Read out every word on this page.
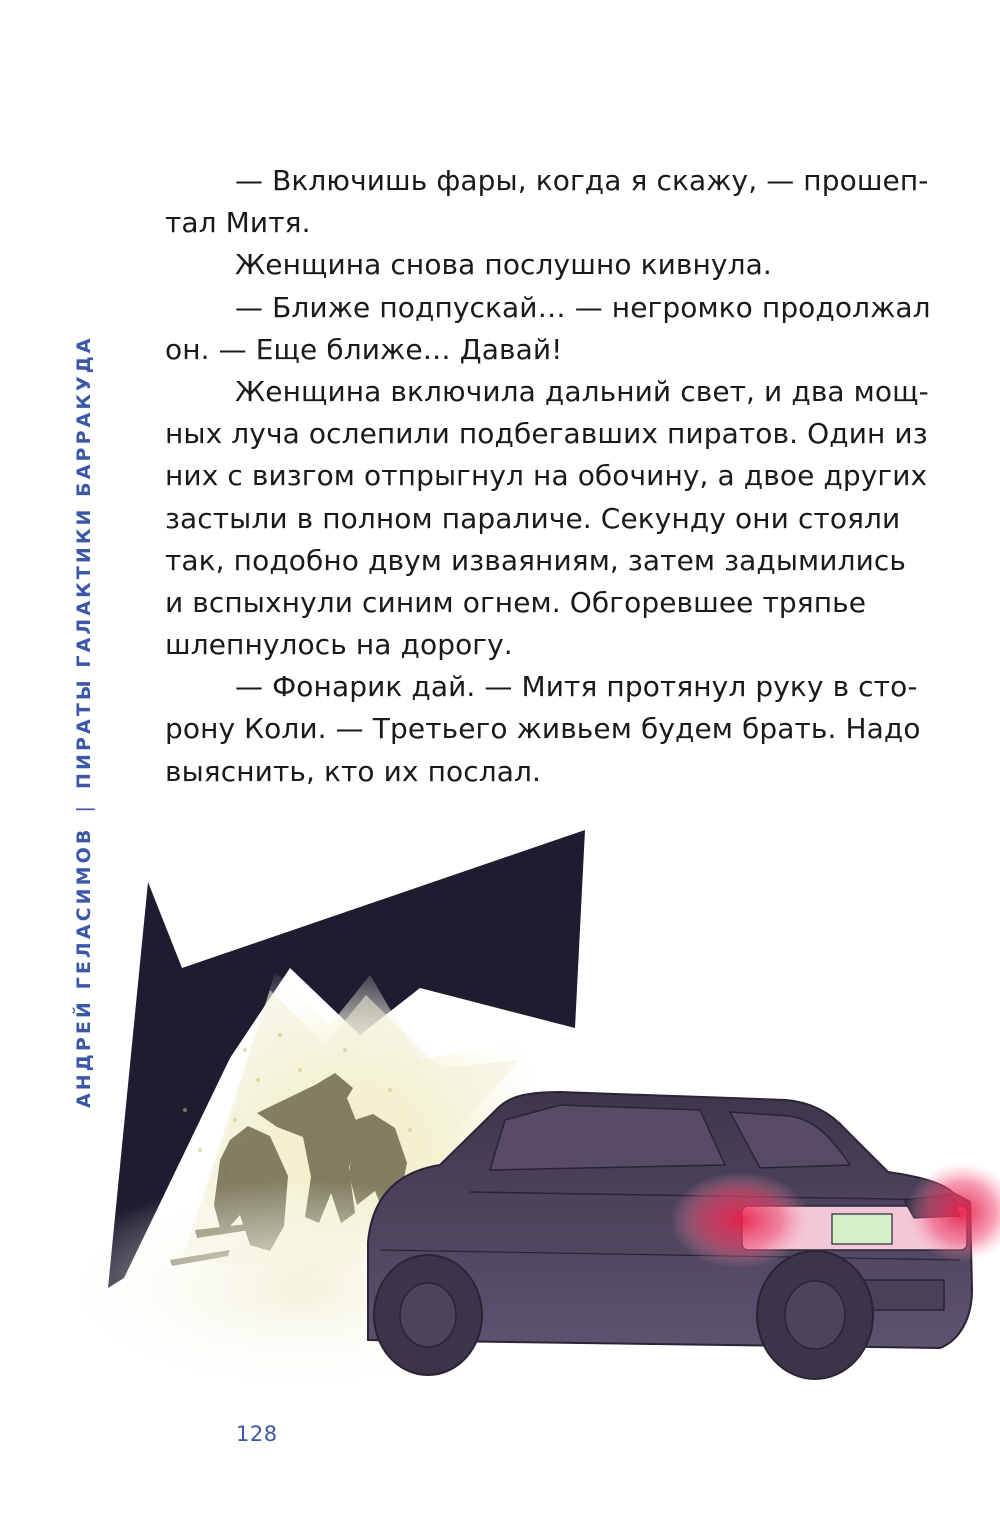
АНДРЕЙ ГЕЛАСИМОВ|ПИРАТЫ ГАЛАКТИКИ БАРРАКУДА
— Включишь фары, когда я скажу, — прошеп-
тал Митя.
Женщина снова послушно кивнула.
— Ближе подпускай… — негромко продолжал
он. — Еще ближе… Давай!
Женщина включила дальний свет, и два мощ-
ных луча ослепили подбегавших пиратов. Один из
них с визгом отпрыгнул на обочину, а двое других
застыли в полном параличе. Секунду они стояли
так, подобно двум изваяниям, затем задымились
и вспыхнули синим огнем. Обгоревшее тряпье
шлепнулось на дорогу.
— Фонарик дай. — Митя протянул руку в сто-
рону Коли. — Третьего живьем будем брать. Надо
выяснить, кто их послал.
128
